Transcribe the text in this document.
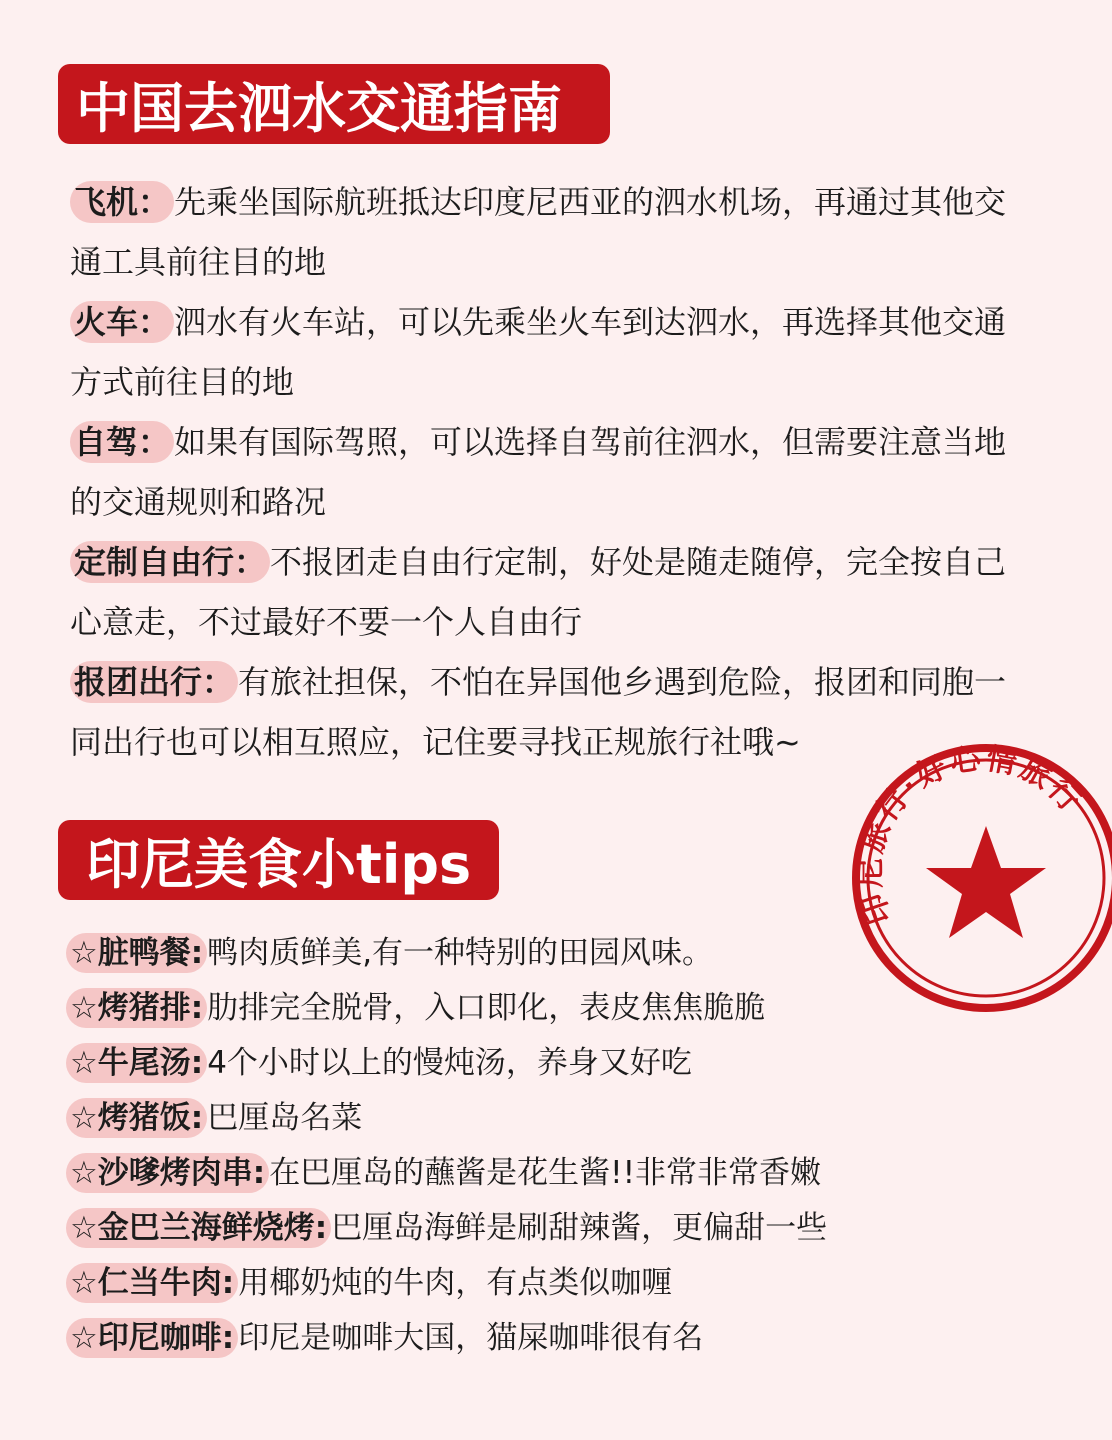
中国去泗水交通指南

飞机： 先乘坐国际航班抵达印度尼西亚的泗水机场，再通过其他交通工具前往目的地

火车： 泗水有火车站，可以先乘坐火车到达泗水，再选择其他交通方式前往目的地

自驾： 如果有国际驾照，可以选择自驾前往泗水，但需要注意当地的交通规则和路况

定制自由行： 不报团走自由行定制，好处是随走随停，完全按自己心意走，不过最好不要一个人自由行

报团出行： 有旅社担保，不怕在异国他乡遇到危险，报团和同胞一同出行也可以相互照应，记住要寻找正规旅行社哦~

印尼美食小tips

☆脏鸭餐: 鸭肉质鲜美,有一种特别的田园风味。

☆烤猪排: 肋排完全脱骨，入口即化，表皮焦焦脆脆

☆牛尾汤: 4个小时以上的慢炖汤，养身又好吃

☆烤猪饭: 巴厘岛名菜

☆沙嗲烤肉串: 在巴厘岛的蘸酱是花生酱!!非常非常香嫩

☆金巴兰海鲜烧烤: 巴厘岛海鲜是刷甜辣酱，更偏甜一些

☆仁当牛肉: 用椰奶炖的牛肉，有点类似咖喱

☆印尼咖啡: 印尼是咖啡大国，猫屎咖啡很有名

印尼旅行·好心情旅行
